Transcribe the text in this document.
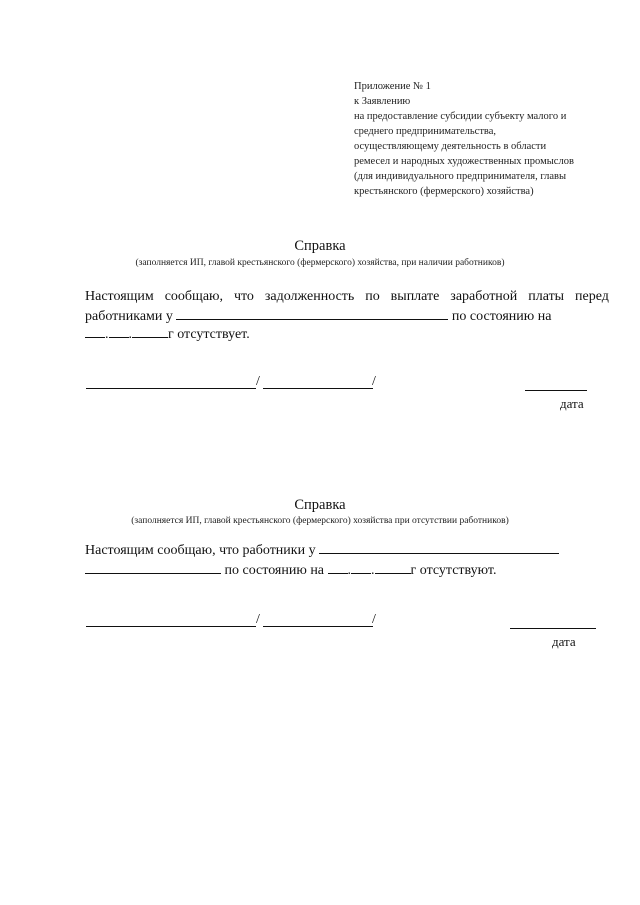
Приложение № 1
к Заявлению
на предоставление субсидии субъекту малого и
среднего предпринимательства,
осуществляющему деятельность в области
ремесел и народных художественных промыслов
(для индивидуального предпринимателя, главы
крестьянского (фермерского) хозяйства)
Справка
(заполняется ИП, главой крестьянского (фермерского) хозяйства, при наличии работников)
Настоящим сообщаю, что задолженность по выплате заработной платы перед
работниками у	по состоянию на
. .	г отсутствует.
/	/
дата
Справка
(заполняется ИП, главой крестьянского (фермерского) хозяйства при отсутствии работников)
Настоящим сообщаю, что работники у
по состоянию на . .	г отсутствуют.
/	/
дата
